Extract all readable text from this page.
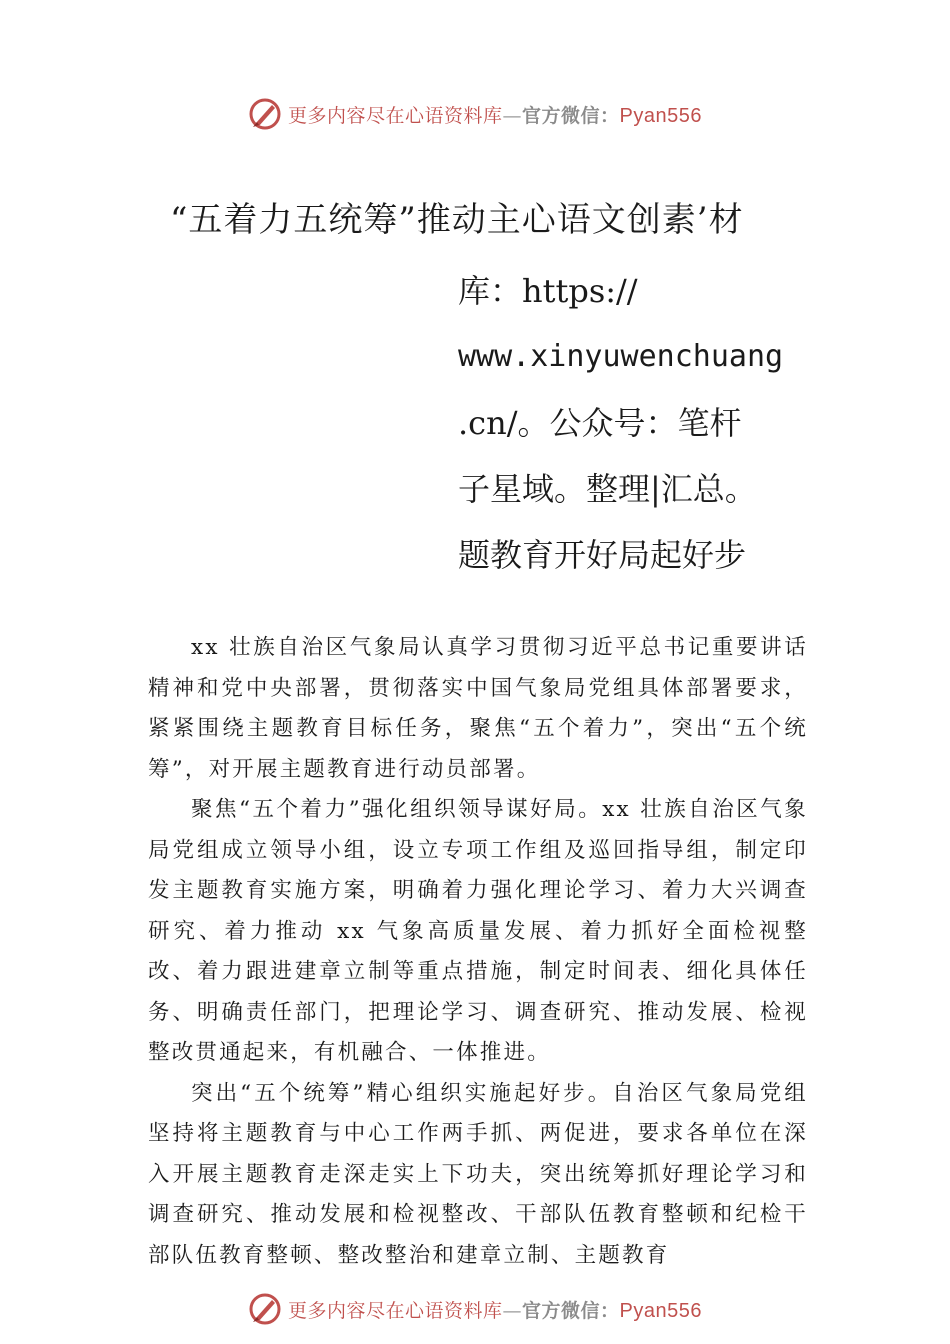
更多内容尽在心语资料库—官方微信：Pyan556
“五着力五统筹”推动主心语文创素’材
库：https://
www.xinyuwenchuang
.cn/。公众号：笔杆
子星域。整理|汇总。
题教育开好局起好步

xx 壮族自治区气象局认真学习贯彻习近平总书记重要讲话精神和党中央部署，贯彻落实中国气象局党组具体部署要求，紧紧围绕主题教育目标任务，聚焦“五个着力”，突出“五个统筹”，对开展主题教育进行动员部署。

聚焦“五个着力”强化组织领导谋好局。xx 壮族自治区气象局党组成立领导小组，设立专项工作组及巡回指导组，制定印发主题教育实施方案，明确着力强化理论学习、着力大兴调查研究、着力推动 xx 气象高质量发展、着力抓好全面检视整改、着力跟进建章立制等重点措施，制定时间表、细化具体任务、明确责任部门，把理论学习、调查研究、推动发展、检视整改贯通起来，有机融合、一体推进。

突出“五个统筹”精心组织实施起好步。自治区气象局党组坚持将主题教育与中心工作两手抓、两促进，要求各单位在深入开展主题教育走深走实上下功夫，突出统筹抓好理论学习和调查研究、推动发展和检视整改、干部队伍教育整顿和纪检干部队伍教育整顿、整改整治和建章立制、主题教育

更多内容尽在心语资料库—官方微信：Pyan556
